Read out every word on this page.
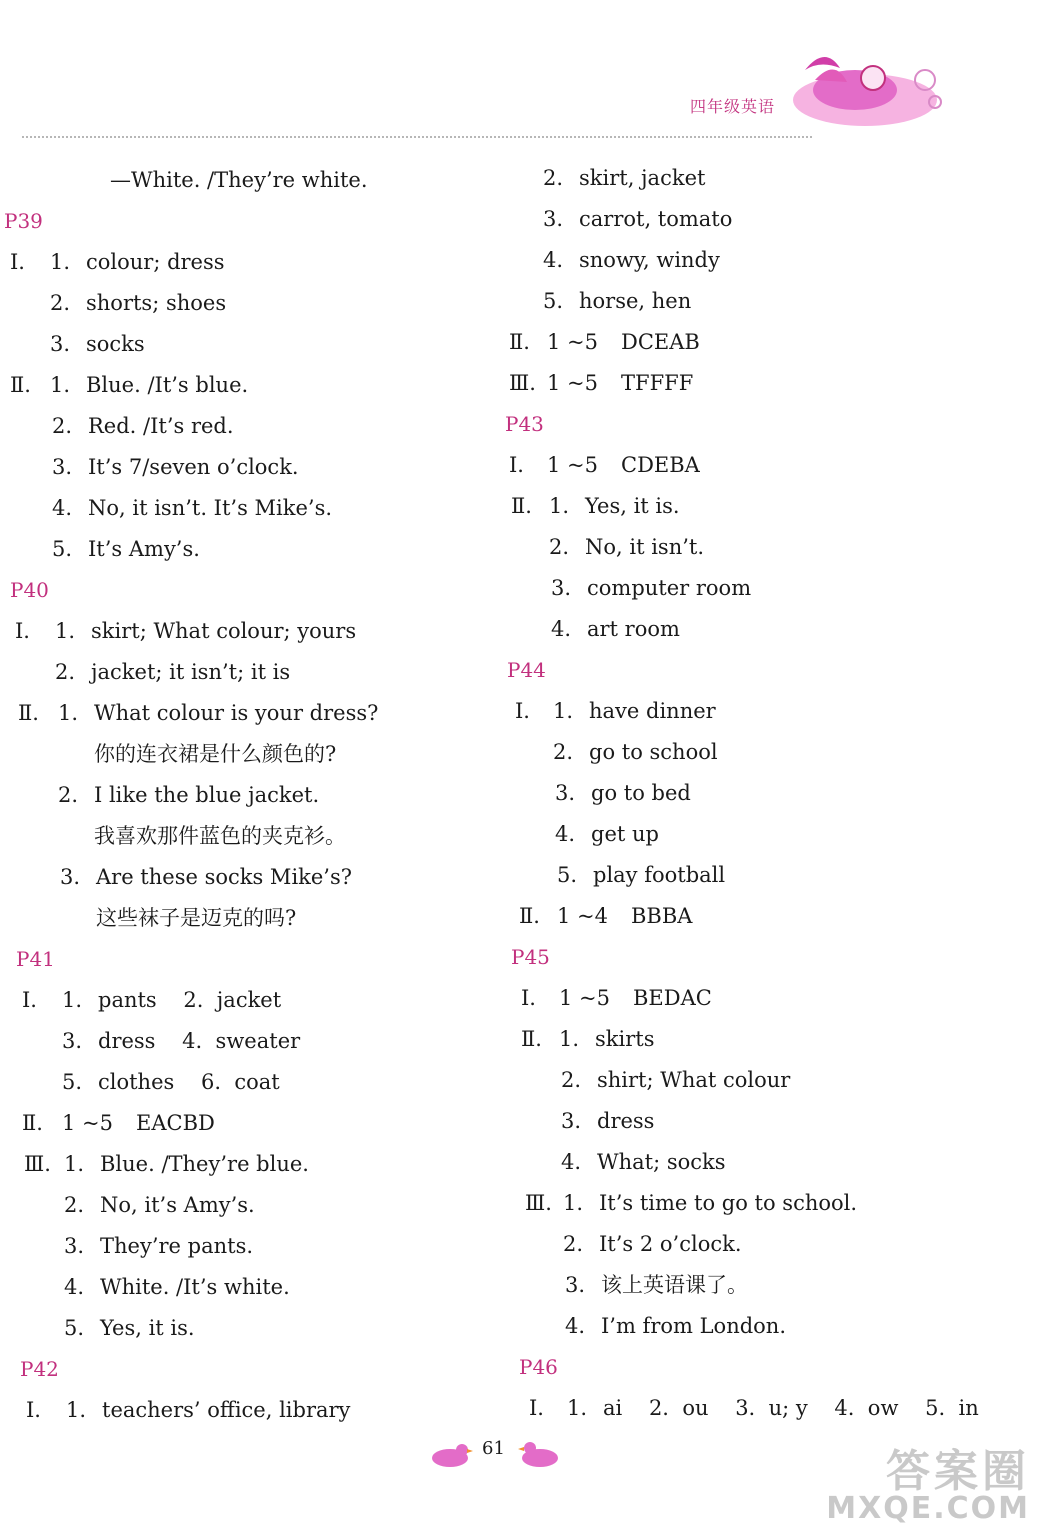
四年级英语
—White. /They’re white.
P39
Ⅰ. 1. colour; dress
2. shorts; shoes
3. socks
Ⅱ. 1. Blue. /It’s blue.
2. Red. /It’s red.
3. It’s 7/seven o’clock.
4. No, it isn’t. It’s Mike’s.
5. It’s Amy’s.
P40
Ⅰ. 1. skirt; What colour; yours
2. jacket; it isn’t; it is
Ⅱ. 1. What colour is your dress?
你的连衣裙是什么颜色的?
2. I like the blue jacket.
我喜欢那件蓝色的夹克衫。
3. Are these socks Mike’s?
这些袜子是迈克的吗?
P41
Ⅰ. 1. pants    2.  jacket
3. dress    4.  sweater
5. clothes    6.  coat
Ⅱ. 1 ~5 EACBD
Ⅲ. 1. Blue. /They’re blue.
2. No, it’s Amy’s.
3. They’re pants.
4. White. /It’s white.
5. Yes, it is.
P42
Ⅰ. 1. teachers’ office, library
2. skirt, jacket
3. carrot, tomato
4. snowy, windy
5. horse, hen
Ⅱ. 1 ~5 DCEAB
Ⅲ. 1 ~5 TFFFF
P43
Ⅰ. 1 ~5 CDEBA
Ⅱ. 1. Yes, it is.
2. No, it isn’t.
3. computer room
4. art room
P44
Ⅰ. 1. have dinner
2. go to school
3. go to bed
4. get up
5. play football
Ⅱ. 1 ~4 BBBA
P45
Ⅰ. 1 ~5 BEDAC
Ⅱ. 1. skirts
2. shirt; What colour
3. dress
4. What; socks
Ⅲ. 1. It’s time to go to school.
2. It’s 2 o’clock.
3. 该上英语课了。
4. I’m from London.
P46
Ⅰ. 1. ai    2.  ou    3.  u; y    4.  ow    5.  in
61	答案圈
MXQE.COM
